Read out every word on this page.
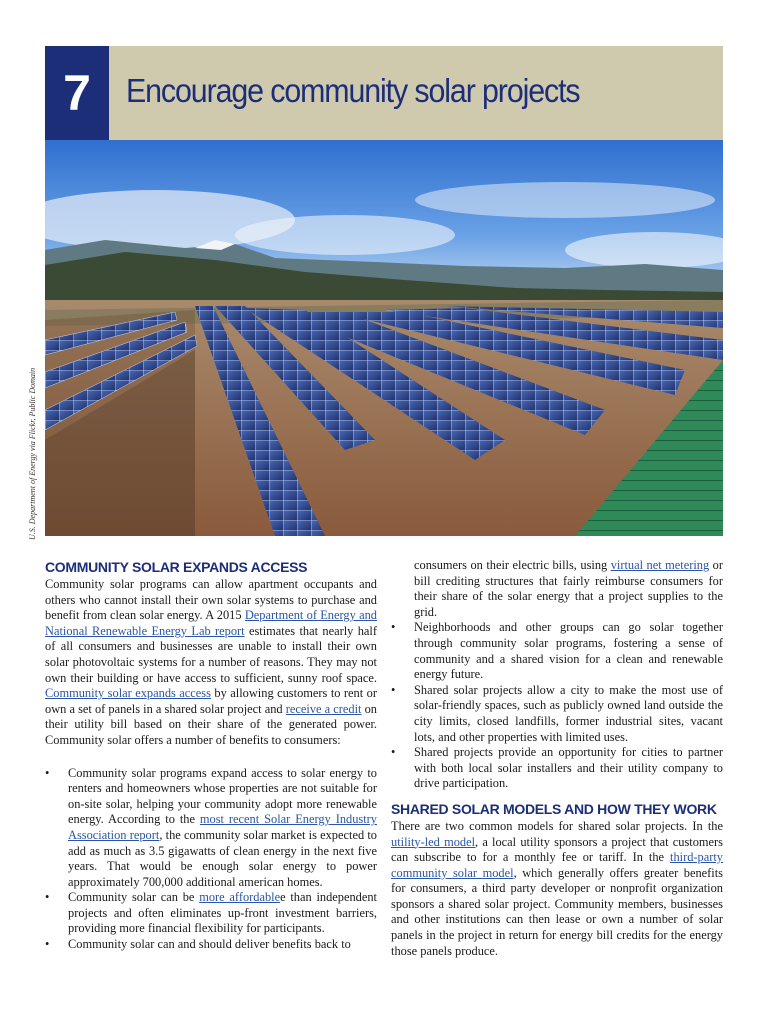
7	Encourage community solar projects
U.S. Department of Energy via Flickr, Public Domain
COMMUNITY SOLAR EXPANDS ACCESS

Community solar programs can allow apartment occupants and others who cannot install their own solar systems to purchase and benefit from clean solar energy. A 2015 Department of Energy and National Renewable Energy Lab report estimates that nearly half of all consumers and businesses are unable to install their own solar photovoltaic systems for a number of reasons. They may not own their building or have access to sufficient, sunny roof space. Community solar expands access by allowing customers to rent or own a set of panels in a shared solar project and receive a credit on their utility bill based on their share of the generated power. Community solar offers a number of benefits to consumers:

• Community solar programs expand access to solar energy to renters and homeowners whose properties are not suitable for on-site solar, helping your community adopt more renewable energy. According to the most recent Solar Energy Industry Association report, the community solar market is expected to add as much as 3.5 gigawatts of clean energy in the next five years. That would be enough solar energy to power approximately 700,000 additional american homes.
• Community solar can be more affordablee than independent projects and often eliminates up-front investment barriers, providing more financial flexibility for participants.
• Community solar can and should deliver benefits back to
consumers on their electric bills, using virtual net metering or bill crediting structures that fairly reimburse consumers for their share of the solar energy that a project supplies to the grid.
• Neighborhoods and other groups can go solar together through community solar programs, fostering a sense of community and a shared vision for a clean and renewable energy future.
• Shared solar projects allow a city to make the most use of solar-friendly spaces, such as publicly owned land outside the city limits, closed landfills, former industrial sites, vacant lots, and other properties with limited uses.
• Shared projects provide an opportunity for cities to partner with both local solar installers and their utility company to drive participation.
SHARED SOLAR MODELS AND HOW THEY WORK

There are two common models for shared solar projects. In the utility-led model, a local utility sponsors a project that customers can subscribe to for a monthly fee or tariff. In the third-party community solar model, which generally offers greater benefits for consumers, a third party developer or nonprofit organization sponsors a shared solar project. Community members, businesses and other institutions can then lease or own a number of solar panels in the project in return for energy bill credits for the energy those panels produce.
